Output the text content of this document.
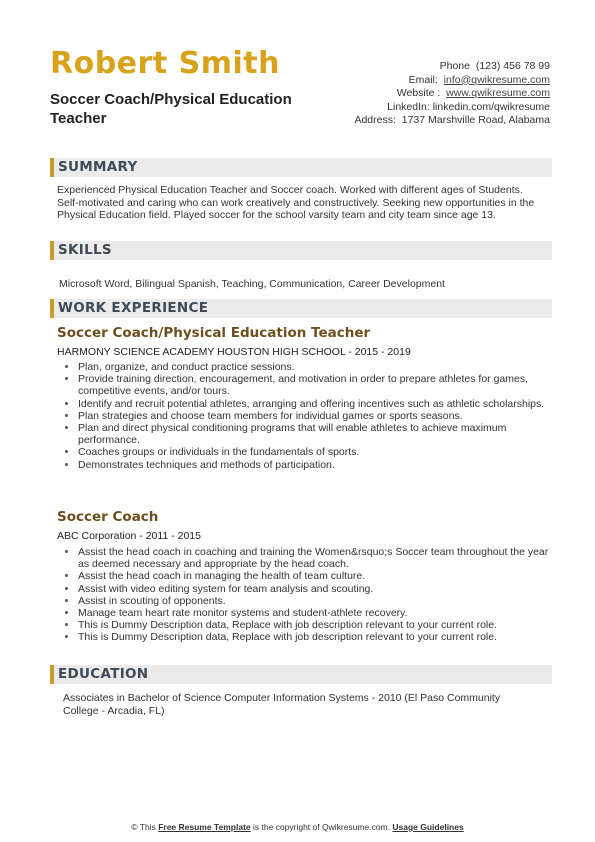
Robert Smith
Soccer Coach/Physical Education Teacher
Phone (123) 456 78 99
Email: info@qwikresume.com
Website : www.qwikresume.com
LinkedIn: linkedin.com/qwikresume
Address: 1737 Marshville Road, Alabama
SUMMARY
Experienced Physical Education Teacher and Soccer coach. Worked with different ages of Students. Self-motivated and caring who can work creatively and constructively. Seeking new opportunities in the Physical Education field. Played soccer for the school varsity team and city team since age 13.
SKILLS
Microsoft Word, Bilingual Spanish, Teaching, Communication, Career Development
WORK EXPERIENCE
Soccer Coach/Physical Education Teacher
HARMONY SCIENCE ACADEMY HOUSTON HIGH SCHOOL - 2015 - 2019
• Plan, organize, and conduct practice sessions.
• Provide training direction, encouragement, and motivation in order to prepare athletes for games, competitive events, and/or tours.
• Identify and recruit potential athletes, arranging and offering incentives such as athletic scholarships.
• Plan strategies and choose team members for individual games or sports seasons.
• Plan and direct physical conditioning programs that will enable athletes to achieve maximum performance.
• Coaches groups or individuals in the fundamentals of sports.
• Demonstrates techniques and methods of participation.
Soccer Coach
ABC Corporation - 2011 - 2015
• Assist the head coach in coaching and training the Women&rsquo;s Soccer team throughout the year as deemed necessary and appropriate by the head coach.
• Assist the head coach in managing the health of team culture.
• Assist with video editing system for team analysis and scouting.
• Assist in scouting of opponents.
• Manage team heart rate monitor systems and student-athlete recovery.
• This is Dummy Description data, Replace with job description relevant to your current role.
• This is Dummy Description data, Replace with job description relevant to your current role.
EDUCATION
Associates in Bachelor of Science Computer Information Systems - 2010 (El Paso Community College - Arcadia, FL)
© This Free Resume Template is the copyright of Qwikresume.com. Usage Guidelines
